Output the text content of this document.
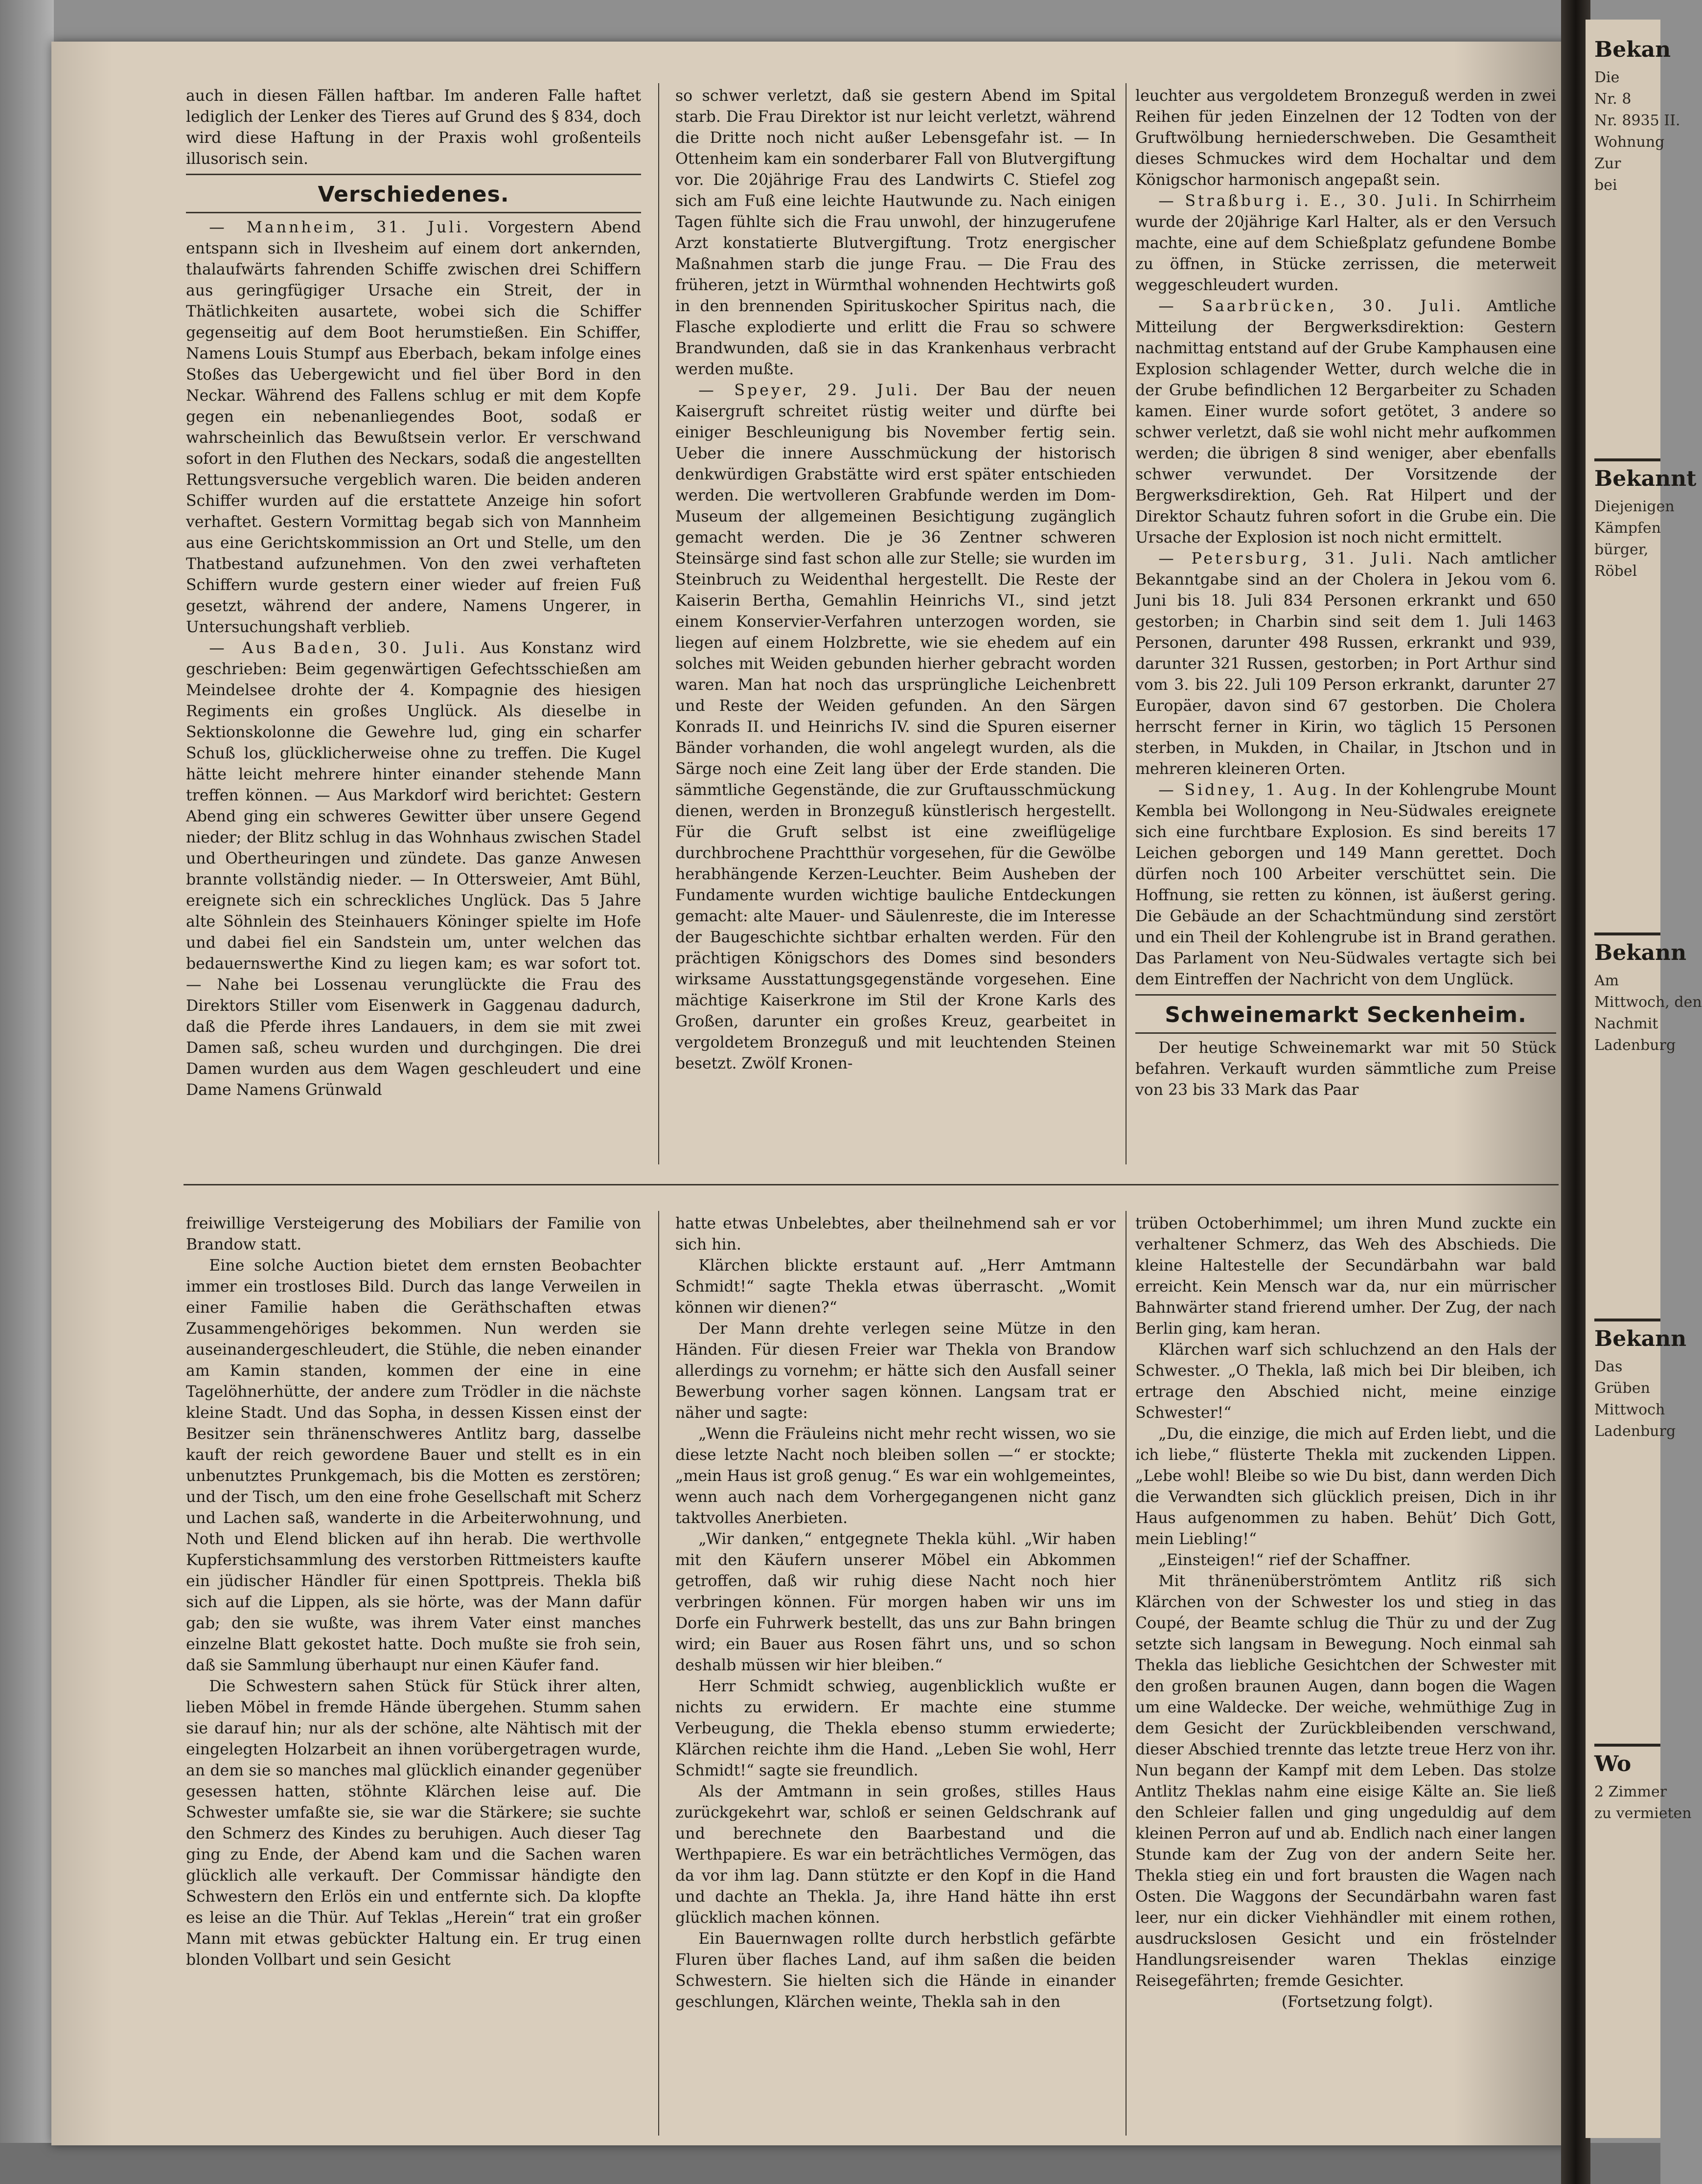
auch in diesen Fällen haftbar. Im anderen Falle haftet lediglich der Lenker des Tieres auf Grund des § 834, doch wird diese Haftung in der Praxis wohl großenteils illusorisch sein.

Verschiedenes.

— Mannheim, 31. Juli. Vorgestern Abend entspann sich in Ilvesheim auf einem dort ankernden, thalaufwärts fahrenden Schiffe zwischen drei Schiffern aus geringfügiger Ursache ein Streit, der in Thätlichkeiten ausartete, wobei sich die Schiffer gegenseitig auf dem Boot herumstießen. Ein Schiffer, Namens Louis Stumpf aus Eberbach, bekam infolge eines Stoßes das Uebergewicht und fiel über Bord in den Neckar. Während des Fallens schlug er mit dem Kopfe gegen ein nebenanliegendes Boot, sodaß er wahrscheinlich das Bewußtsein verlor. Er verschwand sofort in den Fluthen des Neckars, sodaß die angestellten Rettungsversuche vergeblich waren. Die beiden anderen Schiffer wurden auf die erstattete Anzeige hin sofort verhaftet. Gestern Vormittag begab sich von Mannheim aus eine Gerichtskommission an Ort und Stelle, um den Thatbestand aufzunehmen. Von den zwei verhafteten Schiffern wurde gestern einer wieder auf freien Fuß gesetzt, während der andere, Namens Ungerer, in Untersuchungshaft verblieb.

— Aus Baden, 30. Juli. Aus Konstanz wird geschrieben: Beim gegenwärtigen Gefechtsschießen am Meindelsee drohte der 4. Kompagnie des hiesigen Regiments ein großes Unglück. Als dieselbe in Sektionskolonne die Gewehre lud, ging ein scharfer Schuß los, glücklicherweise ohne zu treffen. Die Kugel hätte leicht mehrere hinter einander stehende Mann treffen können. — Aus Markdorf wird berichtet: Gestern Abend ging ein schweres Gewitter über unsere Gegend nieder; der Blitz schlug in das Wohnhaus zwischen Stadel und Obertheuringen und zündete. Das ganze Anwesen brannte vollständig nieder. — In Ottersweier, Amt Bühl, ereignete sich ein schreckliches Unglück. Das 5 Jahre alte Söhnlein des Steinhauers Köninger spielte im Hofe und dabei fiel ein Sandstein um, unter welchen das bedauernswerthe Kind zu liegen kam; es war sofort tot. — Nahe bei Lossenau verunglückte die Frau des Direktors Stiller vom Eisenwerk in Gaggenau dadurch, daß die Pferde ihres Landauers, in dem sie mit zwei Damen saß, scheu wurden und durchgingen. Die drei Damen wurden aus dem Wagen geschleudert und eine Dame Namens Grünwald

so schwer verletzt, daß sie gestern Abend im Spital starb. Die Frau Direktor ist nur leicht verletzt, während die Dritte noch nicht außer Lebensgefahr ist. — In Ottenheim kam ein sonderbarer Fall von Blutvergiftung vor. Die 20jährige Frau des Landwirts C. Stiefel zog sich am Fuß eine leichte Hautwunde zu. Nach einigen Tagen fühlte sich die Frau unwohl, der hinzugerufene Arzt konstatierte Blutvergiftung. Trotz energischer Maßnahmen starb die junge Frau. — Die Frau des früheren, jetzt in Würmthal wohnenden Hechtwirts goß in den brennenden Spirituskocher Spiritus nach, die Flasche explodierte und erlitt die Frau so schwere Brandwunden, daß sie in das Krankenhaus verbracht werden mußte.

— Speyer, 29. Juli. Der Bau der neuen Kaisergruft schreitet rüstig weiter und dürfte bei einiger Beschleunigung bis November fertig sein. Ueber die innere Ausschmückung der historisch denkwürdigen Grabstätte wird erst später entschieden werden. Die wertvolleren Grabfunde werden im Dom-Museum der allgemeinen Besichtigung zugänglich gemacht werden. Die je 36 Zentner schweren Steinsärge sind fast schon alle zur Stelle; sie wurden im Steinbruch zu Weidenthal hergestellt. Die Reste der Kaiserin Bertha, Gemahlin Heinrichs VI., sind jetzt einem Konservier-Verfahren unterzogen worden, sie liegen auf einem Holzbrette, wie sie ehedem auf ein solches mit Weiden gebunden hierher gebracht worden waren. Man hat noch das ursprüngliche Leichenbrett und Reste der Weiden gefunden. An den Särgen Konrads II. und Heinrichs IV. sind die Spuren eiserner Bänder vorhanden, die wohl angelegt wurden, als die Särge noch eine Zeit lang über der Erde standen. Die sämmtliche Gegenstände, die zur Gruftausschmückung dienen, werden in Bronzeguß künstlerisch hergestellt. Für die Gruft selbst ist eine zweiflügelige durchbrochene Prachtthür vorgesehen, für die Gewölbe herabhängende Kerzen-Leuchter. Beim Ausheben der Fundamente wurden wichtige bauliche Entdeckungen gemacht: alte Mauer- und Säulenreste, die im Interesse der Baugeschichte sichtbar erhalten werden. Für den prächtigen Königschors des Domes sind besonders wirksame Ausstattungsgegenstände vorgesehen. Eine mächtige Kaiserkrone im Stil der Krone Karls des Großen, darunter ein großes Kreuz, gearbeitet in vergoldetem Bronzeguß und mit leuchtenden Steinen besetzt. Zwölf Kronen-

leuchter aus vergoldetem Bronzeguß werden in zwei Reihen für jeden Einzelnen der 12 Todten von der Gruftwölbung herniederschweben. Die Gesamtheit dieses Schmuckes wird dem Hochaltar und dem Königschor harmonisch angepaßt sein.

— Straßburg i. E., 30. Juli. In Schirrheim wurde der 20jährige Karl Halter, als er den Versuch machte, eine auf dem Schießplatz gefundene Bombe zu öffnen, in Stücke zerrissen, die meterweit weggeschleudert wurden.

— Saarbrücken, 30. Juli. Amtliche Mitteilung der Bergwerksdirektion: Gestern nachmittag entstand auf der Grube Kamphausen eine Explosion schlagender Wetter, durch welche die in der Grube befindlichen 12 Bergarbeiter zu Schaden kamen. Einer wurde sofort getötet, 3 andere so schwer verletzt, daß sie wohl nicht mehr aufkommen werden; die übrigen 8 sind weniger, aber ebenfalls schwer verwundet. Der Vorsitzende der Bergwerksdirektion, Geh. Rat Hilpert und der Direktor Schautz fuhren sofort in die Grube ein. Die Ursache der Explosion ist noch nicht ermittelt.

— Petersburg, 31. Juli. Nach amtlicher Bekanntgabe sind an der Cholera in Jekou vom 6. Juni bis 18. Juli 834 Personen erkrankt und 650 gestorben; in Charbin sind seit dem 1. Juli 1463 Personen, darunter 498 Russen, erkrankt und 939, darunter 321 Russen, gestorben; in Port Arthur sind vom 3. bis 22. Juli 109 Person erkrankt, darunter 27 Europäer, davon sind 67 gestorben. Die Cholera herrscht ferner in Kirin, wo täglich 15 Personen sterben, in Mukden, in Chailar, in Jtschon und in mehreren kleineren Orten.

— Sidney, 1. Aug. In der Kohlengrube Mount Kembla bei Wollongong in Neu-Südwales ereignete sich eine furchtbare Explosion. Es sind bereits 17 Leichen geborgen und 149 Mann gerettet. Doch dürfen noch 100 Arbeiter verschüttet sein. Die Hoffnung, sie retten zu können, ist äußerst gering. Die Gebäude an der Schachtmündung sind zerstört und ein Theil der Kohlengrube ist in Brand gerathen. Das Parlament von Neu-Südwales vertagte sich bei dem Eintreffen der Nachricht von dem Unglück.

Schweinemarkt Seckenheim.

Der heutige Schweinemarkt war mit 50 Stück befahren. Verkauft wurden sämmtliche zum Preise von 23 bis 33 Mark das Paar

freiwillige Versteigerung des Mobiliars der Familie von Brandow statt.

Eine solche Auction bietet dem ernsten Beobachter immer ein trostloses Bild. Durch das lange Verweilen in einer Familie haben die Geräthschaften etwas Zusammengehöriges bekommen. Nun werden sie auseinandergeschleudert, die Stühle, die neben einander am Kamin standen, kommen der eine in eine Tagelöhnerhütte, der andere zum Trödler in die nächste kleine Stadt. Und das Sopha, in dessen Kissen einst der Besitzer sein thränenschweres Antlitz barg, dasselbe kauft der reich gewordene Bauer und stellt es in ein unbenutztes Prunkgemach, bis die Motten es zerstören; und der Tisch, um den eine frohe Gesellschaft mit Scherz und Lachen saß, wanderte in die Arbeiterwohnung, und Noth und Elend blicken auf ihn herab. Die werthvolle Kupferstichsammlung des verstorben Rittmeisters kaufte ein jüdischer Händler für einen Spottpreis. Thekla biß sich auf die Lippen, als sie hörte, was der Mann dafür gab; den sie wußte, was ihrem Vater einst manches einzelne Blatt gekostet hatte. Doch mußte sie froh sein, daß sie Sammlung überhaupt nur einen Käufer fand.

Die Schwestern sahen Stück für Stück ihrer alten, lieben Möbel in fremde Hände übergehen. Stumm sahen sie darauf hin; nur als der schöne, alte Nähtisch mit der eingelegten Holzarbeit an ihnen vorübergetragen wurde, an dem sie so manches mal glücklich einander gegenüber gesessen hatten, stöhnte Klärchen leise auf. Die Schwester umfaßte sie, sie war die Stärkere; sie suchte den Schmerz des Kindes zu beruhigen. Auch dieser Tag ging zu Ende, der Abend kam und die Sachen waren glücklich alle verkauft. Der Commissar händigte den Schwestern den Erlös ein und entfernte sich. Da klopfte es leise an die Thür. Auf Teklas „Herein“ trat ein großer Mann mit etwas gebückter Haltung ein. Er trug einen blonden Vollbart und sein Gesicht

hatte etwas Unbelebtes, aber theilnehmend sah er vor sich hin.

Klärchen blickte erstaunt auf. „Herr Amtmann Schmidt!“ sagte Thekla etwas überrascht. „Womit können wir dienen?“

Der Mann drehte verlegen seine Mütze in den Händen. Für diesen Freier war Thekla von Brandow allerdings zu vornehm; er hätte sich den Ausfall seiner Bewerbung vorher sagen können. Langsam trat er näher und sagte:

„Wenn die Fräuleins nicht mehr recht wissen, wo sie diese letzte Nacht noch bleiben sollen —“ er stockte; „mein Haus ist groß genug.“ Es war ein wohlgemeintes, wenn auch nach dem Vorhergegangenen nicht ganz taktvolles Anerbieten.

„Wir danken,“ entgegnete Thekla kühl. „Wir haben mit den Käufern unserer Möbel ein Abkommen getroffen, daß wir ruhig diese Nacht noch hier verbringen können. Für morgen haben wir uns im Dorfe ein Fuhrwerk bestellt, das uns zur Bahn bringen wird; ein Bauer aus Rosen fährt uns, und so schon deshalb müssen wir hier bleiben.“

Herr Schmidt schwieg, augenblicklich wußte er nichts zu erwidern. Er machte eine stumme Verbeugung, die Thekla ebenso stumm erwiederte; Klärchen reichte ihm die Hand. „Leben Sie wohl, Herr Schmidt!“ sagte sie freundlich.

Als der Amtmann in sein großes, stilles Haus zurückgekehrt war, schloß er seinen Geldschrank auf und berechnete den Baarbestand und die Werthpapiere. Es war ein beträchtliches Vermögen, das da vor ihm lag. Dann stützte er den Kopf in die Hand und dachte an Thekla. Ja, ihre Hand hätte ihn erst glücklich machen können.

Ein Bauernwagen rollte durch herbstlich gefärbte Fluren über flaches Land, auf ihm saßen die beiden Schwestern. Sie hielten sich die Hände in einander geschlungen, Klärchen weinte, Thekla sah in den

trüben Octoberhimmel; um ihren Mund zuckte ein verhaltener Schmerz, das Weh des Abschieds. Die kleine Haltestelle der Secundärbahn war bald erreicht. Kein Mensch war da, nur ein mürrischer Bahnwärter stand frierend umher. Der Zug, der nach Berlin ging, kam heran.

Klärchen warf sich schluchzend an den Hals der Schwester. „O Thekla, laß mich bei Dir bleiben, ich ertrage den Abschied nicht, meine einzige Schwester!“

„Du, die einzige, die mich auf Erden liebt, und die ich liebe,“ flüsterte Thekla mit zuckenden Lippen. „Lebe wohl! Bleibe so wie Du bist, dann werden Dich die Verwandten sich glücklich preisen, Dich in ihr Haus aufgenommen zu haben. Behüt’ Dich Gott, mein Liebling!“

„Einsteigen!“ rief der Schaffner.

Mit thränenüberströmtem Antlitz riß sich Klärchen von der Schwester los und stieg in das Coupé, der Beamte schlug die Thür zu und der Zug setzte sich langsam in Bewegung. Noch einmal sah Thekla das liebliche Gesichtchen der Schwester mit den großen braunen Augen, dann bogen die Wagen um eine Waldecke. Der weiche, wehmüthige Zug in dem Gesicht der Zurückbleibenden verschwand, dieser Abschied trennte das letzte treue Herz von ihr. Nun begann der Kampf mit dem Leben. Das stolze Antlitz Theklas nahm eine eisige Kälte an. Sie ließ den Schleier fallen und ging ungeduldig auf dem kleinen Perron auf und ab. Endlich nach einer langen Stunde kam der Zug von der andern Seite her. Thekla stieg ein und fort brausten die Wagen nach Osten. Die Waggons der Secundärbahn waren fast leer, nur ein dicker Viehhändler mit einem rothen, ausdruckslosen Gesicht und ein fröstelnder Handlungsreisender waren Theklas einzige Reisegefährten; fremde Gesichter.

(Fortsetzung folgt).

Bekan
Die
Nr. 8
Nr. 8935 II.
Wohnung
Zur
bei
Bekannt
Diejenigen
Kämpfen
bürger,
Röbel
Bekann
Am
Mittwoch, den
Nachmit
Ladenburg
Bekann
Das
Grüben
Mittwoch
Ladenburg
Wo
2 Zimmer
zu vermieten
